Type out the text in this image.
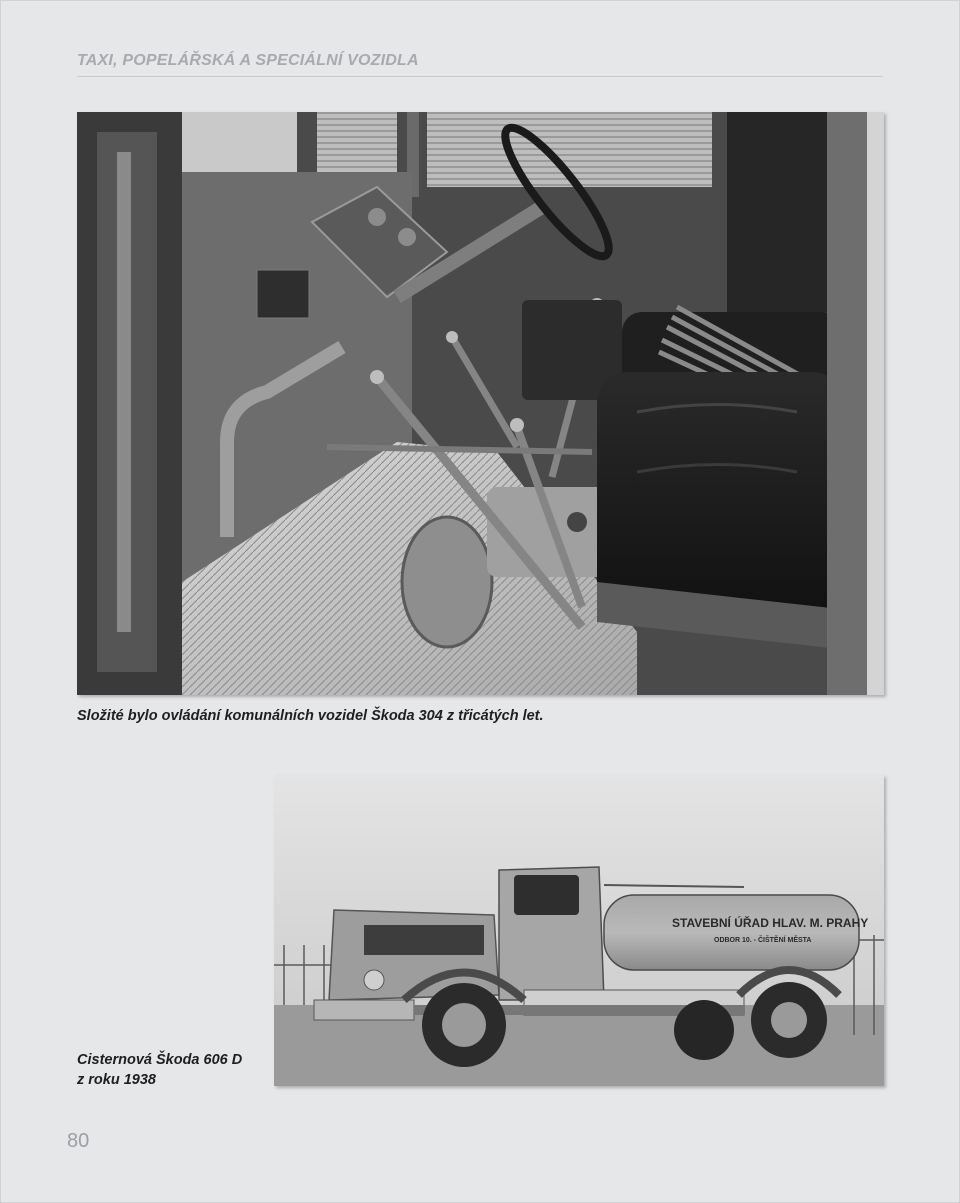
TAXI, POPELÁŘSKÁ A SPECIÁLNÍ VOZIDLA
Složité bylo ovládání komunálních vozidel Škoda 304 z třicátých let.
STAVEBNÍ ÚŘAD HLAV. M. PRAHY
ODBOR 10. - ČIŠTĚNÍ MĚSTA
Cisternová Škoda 606 D
z roku 1938
80
